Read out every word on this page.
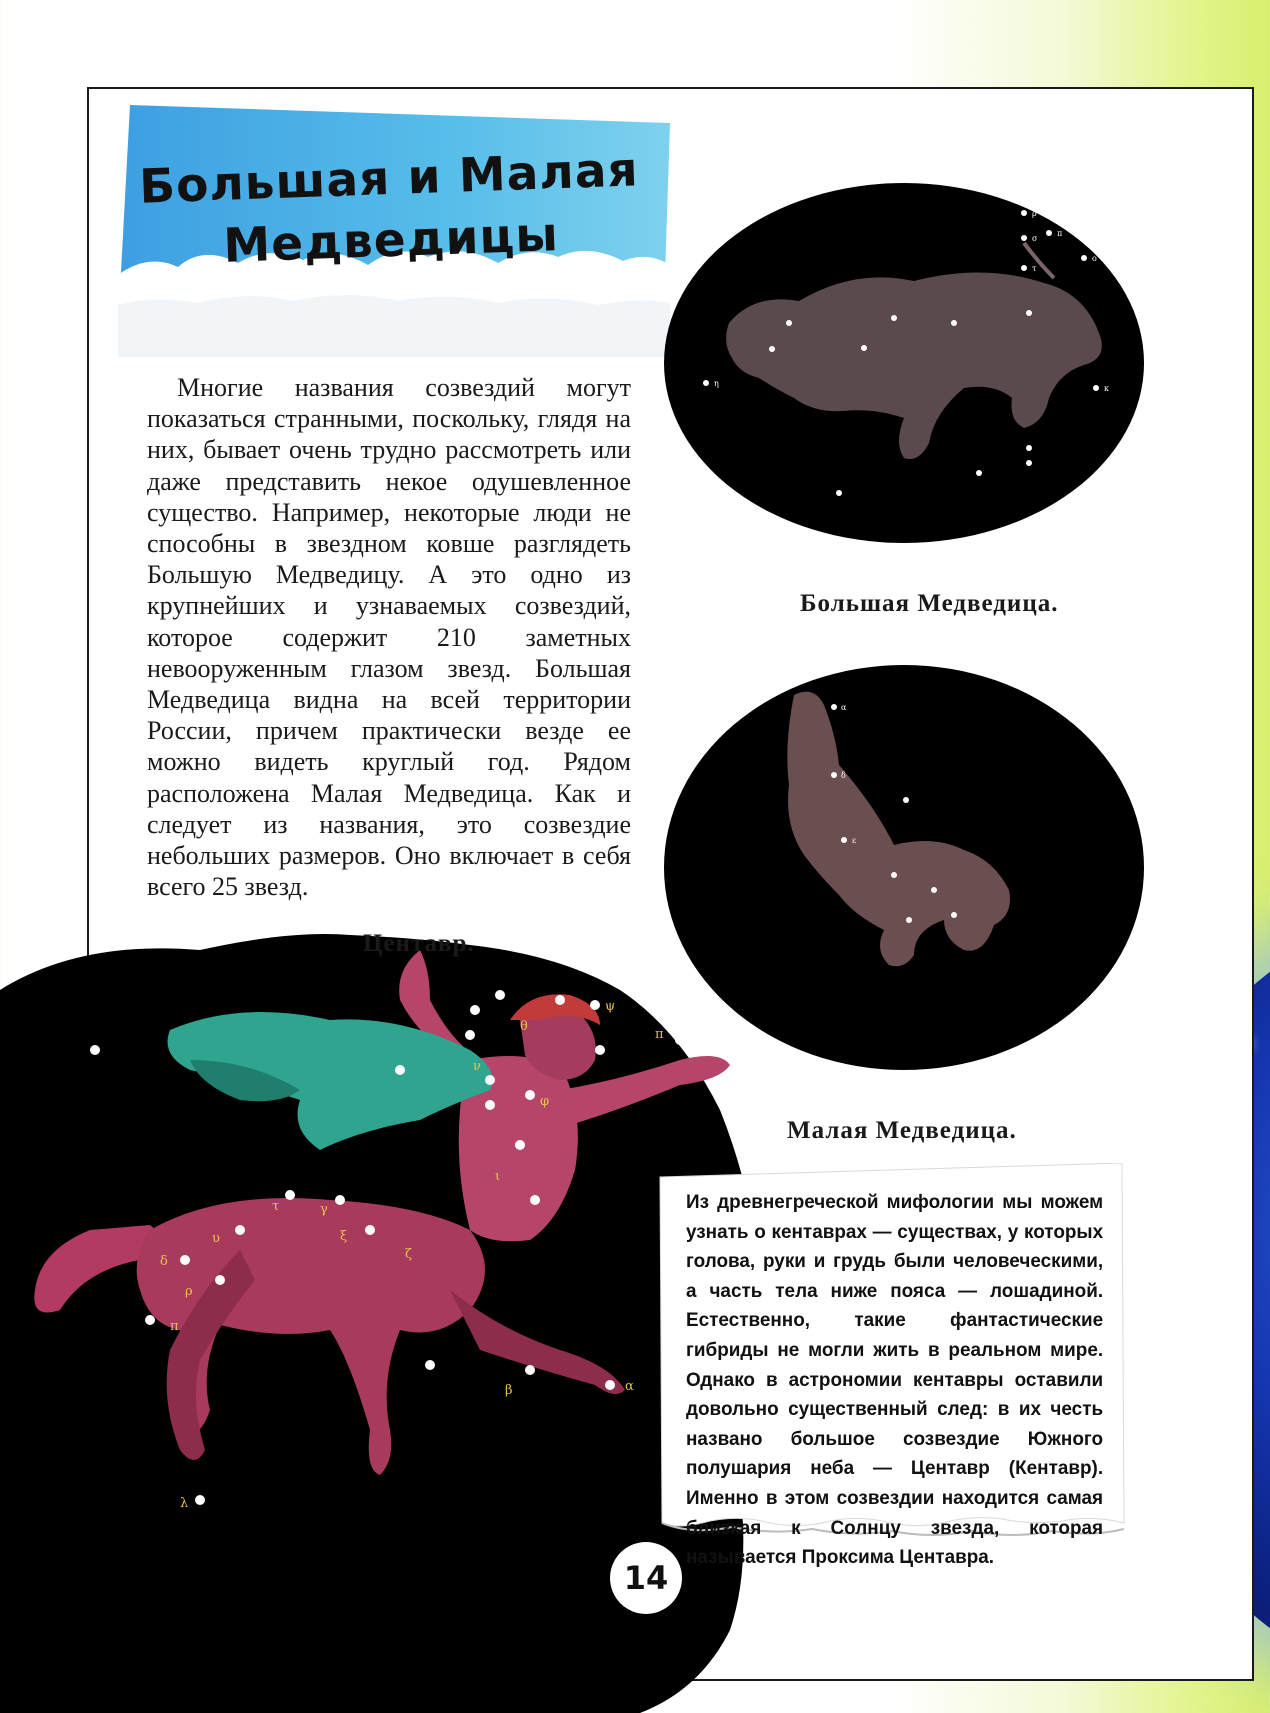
Большая и Малая
Медведицы
Многие названия созвездий могут показаться странными, поскольку, глядя на них, бывает очень трудно рассмотреть или даже представить некое одушевленное существо. Например, некоторые люди не способны в звездном ковше разглядеть Большую Медведицу. А это одно из крупнейших и узнаваемых созвездий, которое содержит 210 заметных невооруженным глазом звезд. Большая Медведица видна на всей территории России, причем практически везде ее можно видеть круглый год. Рядом расположена Малая Медведица. Как и следует из названия, это созвездие небольших размеров. Оно включает в себя всего 25 звезд.
ρ
σ
π
ο
τ
η
κ
Большая Медведица.
α
δ
ε
Малая Медведица.
θ
ψ
π
ν
φ
ι
τ	γ
ξ
υ
δ
ρ
π
λ
ζ
β	α
Центавр.
Из древнегреческой мифологии мы можем узнать о кентаврах — существах, у которых голова, руки и грудь были человеческими, а часть тела ниже пояса — лошадиной. Естественно, такие фантастические гибриды не могли жить в реальном мире. Однако в астрономии кентавры оставили довольно существенный след: в их честь названо большое созвездие Южного полушария неба — Центавр (Кентавр). Именно в этом созвездии находится самая близкая к Солнцу звезда, которая называется Проксима Центавра.
14
